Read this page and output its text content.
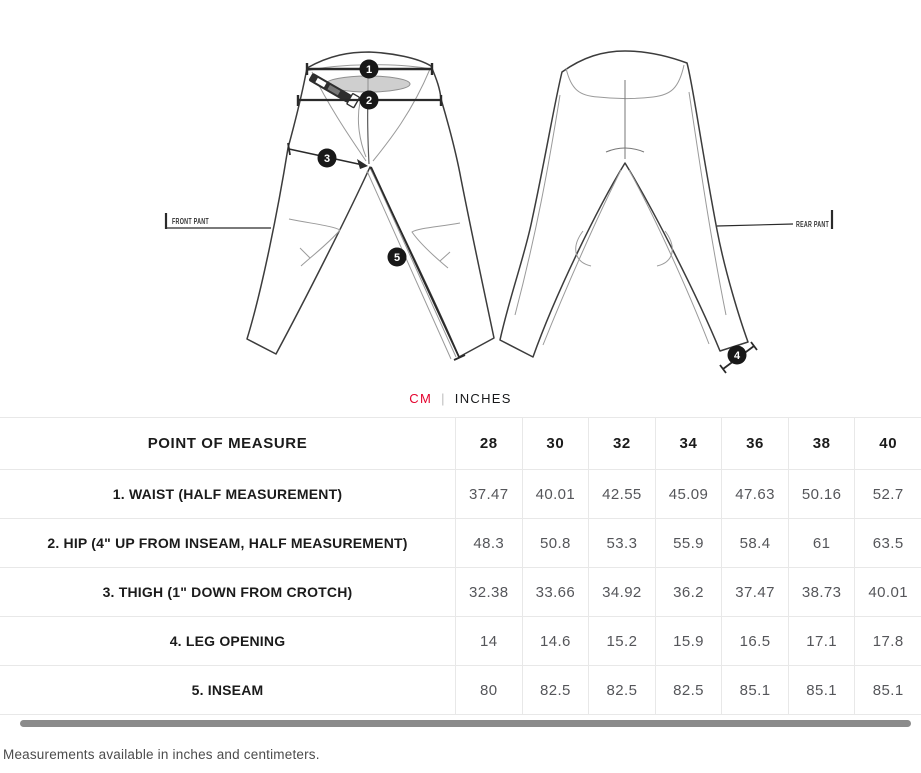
1
2
3
5
4
FRONT PANT	REAR PANT
CM | INCHES
POINT OF MEASURE	28	30	32	34	36	38	40
1. WAIST (HALF MEASUREMENT)	37.47	40.01	42.55	45.09	47.63	50.16	52.7
2. HIP (4" UP FROM INSEAM, HALF MEASUREMENT)	48.3	50.8	53.3	55.9	58.4	61	63.5
3. THIGH (1" DOWN FROM CROTCH)	32.38	33.66	34.92	36.2	37.47	38.73	40.01
4. LEG OPENING	14	14.6	15.2	15.9	16.5	17.1	17.8
5. INSEAM	80	82.5	82.5	82.5	85.1	85.1	85.1
Measurements available in inches and centimeters.
